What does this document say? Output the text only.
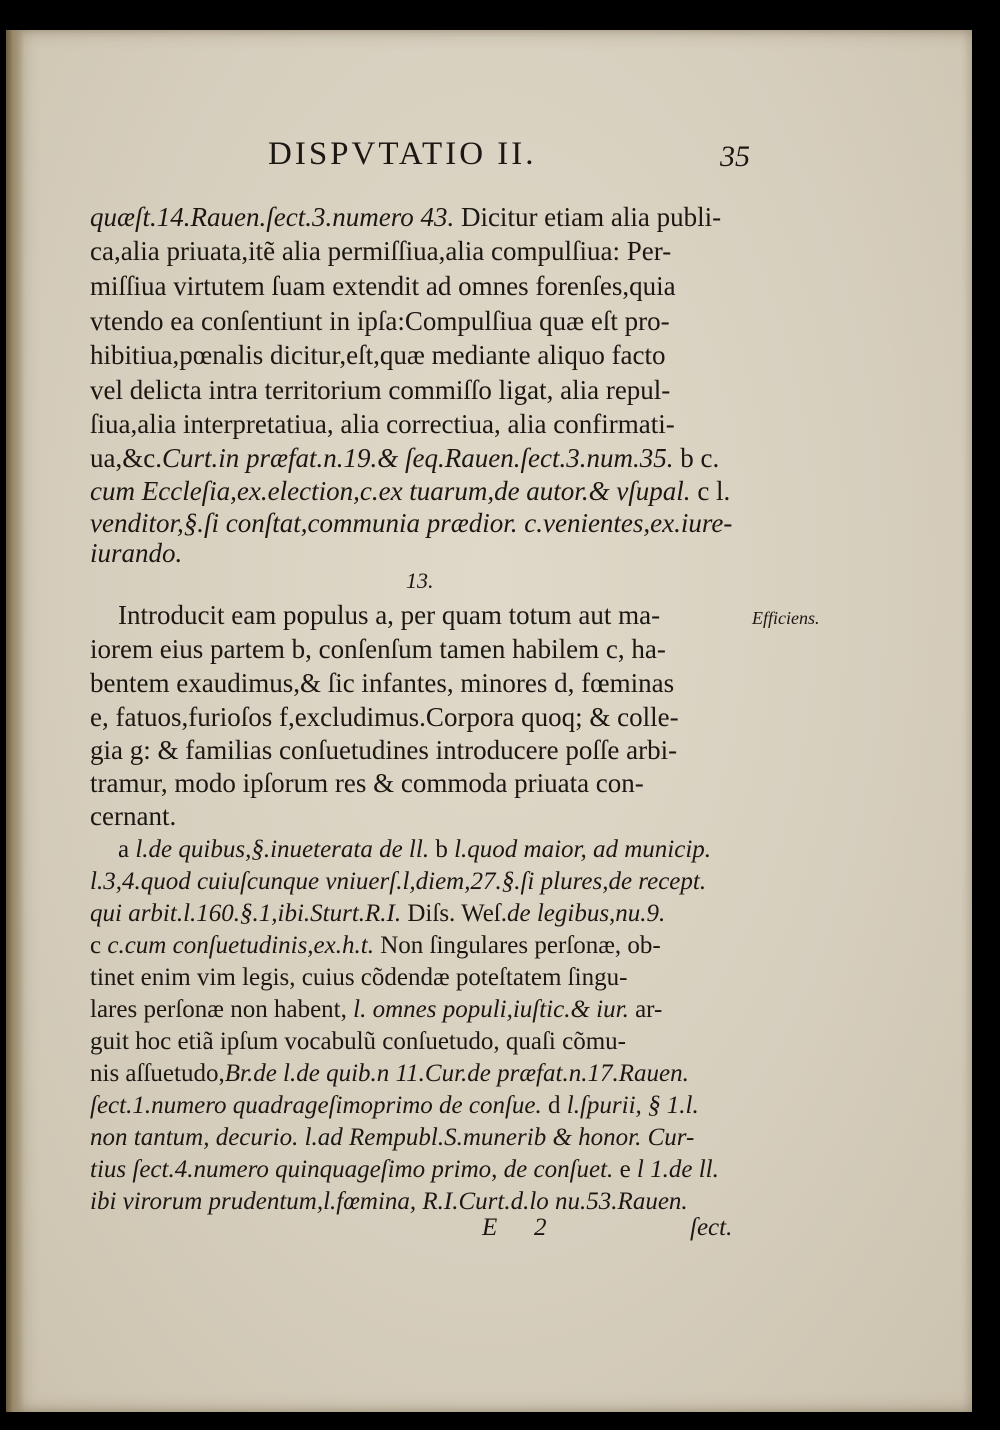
DISPVTATIO II.	35
quæſt.14.Rauen.ſect.3.numero 43. Dicitur etiam alia publi-
ca,alia priuata,itẽ alia permiſſiua,alia compulſiua: Per-
miſſiua virtutem ſuam extendit ad omnes forenſes,quia
vtendo ea conſentiunt in ipſa:Compulſiua quæ eſt pro-
hibitiua,pœnalis dicitur,eſt,quæ mediante aliquo facto
vel delicta intra territorium commiſſo ligat, alia repul-
ſiua,alia interpretatiua, alia correctiua, alia confirmati-
ua,&c.Curt.in præfat.n.19.& ſeq.Rauen.ſect.3.num.35. b c.
cum Eccleſia,ex.election,c.ex tuarum,de autor.& vſupal. c l.
venditor,§.ſi conſtat,communia prædior. c.venientes,ex.iure-
iurando.
13.
Efficiens.
Introducit eam populus a, per quam totum aut ma-
iorem eius partem b, conſenſum tamen habilem c, ha-
bentem exaudimus,& ſic infantes, minores d, fœminas
e, fatuos,furioſos f,excludimus.Corpora quoq; & colle-
gia g: & familias conſuetudines introducere poſſe arbi-
tramur, modo ipſorum res & commoda priuata con-
cernant.
a l.de quibus,§.inueterata de ll. b l.quod maior, ad municip.
l.3,4.quod cuiuſcunque vniuerſ.l,diem,27.§.ſi plures,de recept.
qui arbit.l.160.§.1,ibi.Sturt.R.I. Diſs. Weſ.de legibus,nu.9.
c c.cum conſuetudinis,ex.h.t. Non ſingulares perſonæ, ob-
tinet enim vim legis, cuius cõdendæ poteſtatem ſingu-
lares perſonæ non habent, l. omnes populi,iuſtic.& iur. ar-
guit hoc etiã ipſum vocabulũ conſuetudo, quaſi cõmu-
nis aſſuetudo,Br.de l.de quib.n 11.Cur.de præfat.n.17.Rauen.
ſect.1.numero quadrageſimoprimo de conſue. d l.ſpurii, § 1.l.
non tantum, decurio. l.ad Rempubl.S.munerib & honor. Cur-
tius ſect.4.numero quinquageſimo primo, de conſuet. e l 1.de ll.
ibi virorum prudentum,l.fœmina, R.I.Curt.d.lo nu.53.Rauen.
E 2	ſect.
